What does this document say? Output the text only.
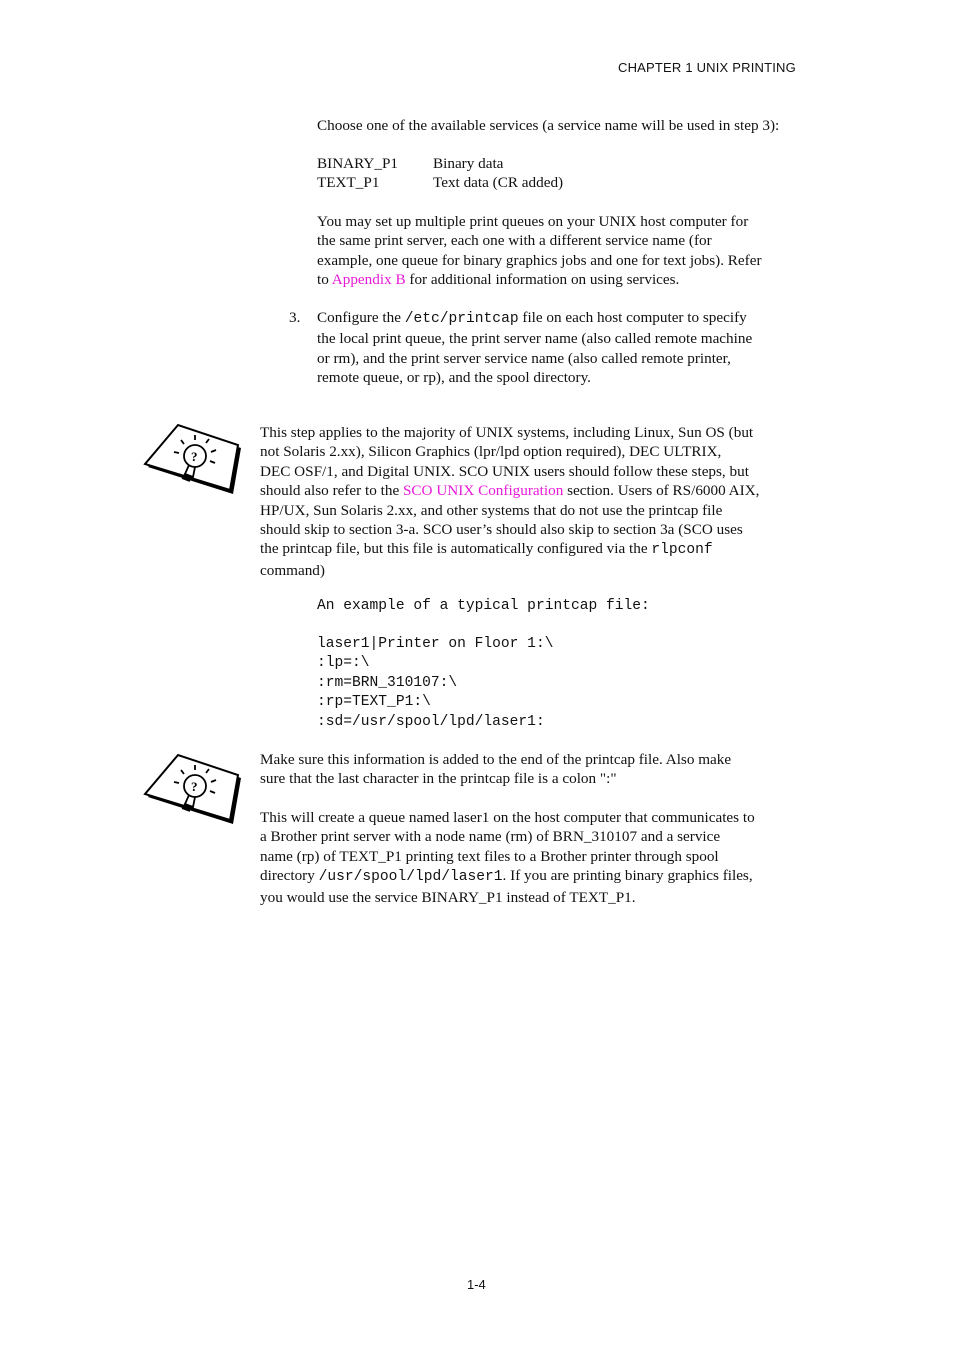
CHAPTER 1 UNIX PRINTING
Choose one of the available services (a service name will be used in step 3):
BINARY_P1 Binary data
TEXT_P1	Text data (CR added)
You may set up multiple print queues on your UNIX host computer for
the same print server, each one with a different service name (for
example, one queue for binary graphics jobs and one for text jobs). Refer
to Appendix B for additional information on using services.
3. Configure the /etc/printcap file on each host computer to specify
the local print queue, the print server name (also called remote machine
or rm), and the print server service name (also called remote printer,
remote queue, or rp), and the spool directory.
?
This step applies to the majority of UNIX systems, including Linux, Sun OS (but
not Solaris 2.xx), Silicon Graphics (lpr/lpd option required), DEC ULTRIX,
DEC OSF/1, and Digital UNIX. SCO UNIX users should follow these steps, but
should also refer to the SCO UNIX Configuration section. Users of RS/6000 AIX,
HP/UX, Sun Solaris 2.xx, and other systems that do not use the printcap file
should skip to section 3-a. SCO user’s should also skip to section 3a (SCO uses
the printcap file, but this file is automatically configured via the rlpconf
command)
An example of a typical printcap file:
laser1|Printer on Floor 1:\
:lp=:\
:rm=BRN_310107:\
:rp=TEXT_P1:\
:sd=/usr/spool/lpd/laser1:
?
Make sure this information is added to the end of the printcap file. Also make
sure that the last character in the printcap file is a colon ":"
This will create a queue named laser1 on the host computer that communicates to
a Brother print server with a node name (rm) of BRN_310107 and a service
name (rp) of TEXT_P1 printing text files to a Brother printer through spool
directory /usr/spool/lpd/laser1. If you are printing binary graphics files,
you would use the service BINARY_P1 instead of TEXT_P1.
1-4
